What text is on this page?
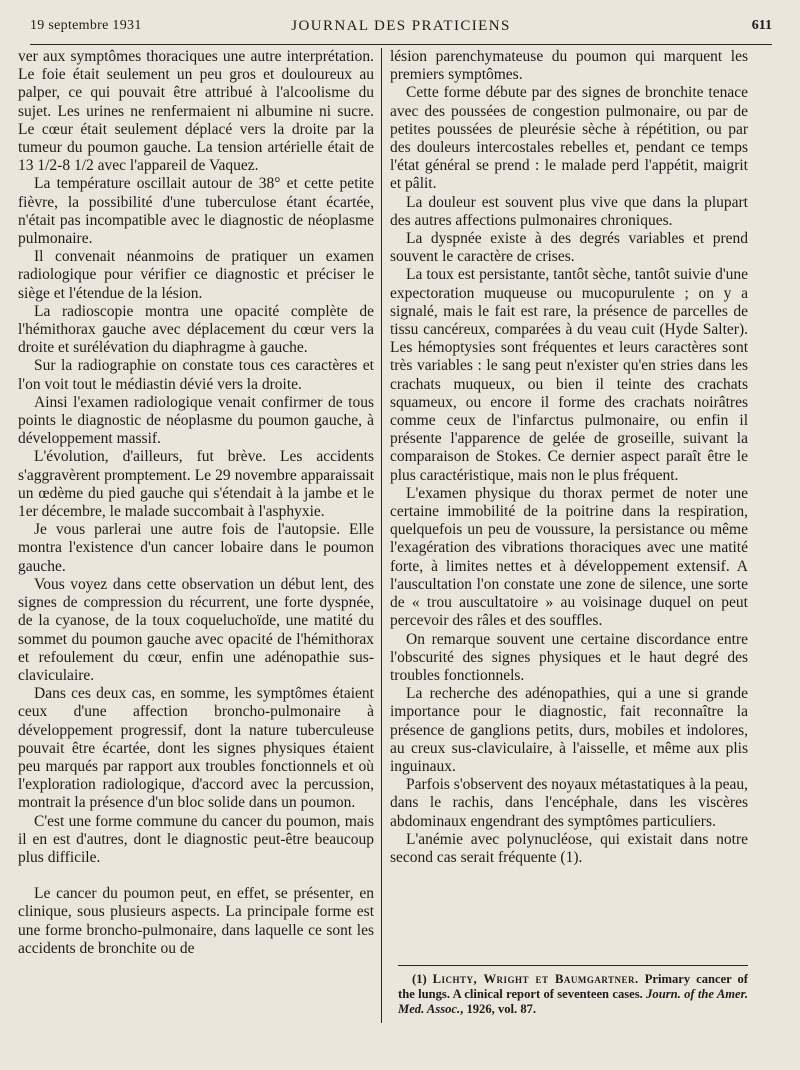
19 septembre 1931	JOURNAL DES PRATICIENS	611

ver aux symptômes thoraciques une autre interprétation. Le foie était seulement un peu gros et douloureux au palper, ce qui pouvait être attribué à l'alcoolisme du sujet. Les urines ne renfermaient ni albumine ni sucre. Le cœur était seulement déplacé vers la droite par la tumeur du poumon gauche. La tension artérielle était de 13 1/2-8 1/2 avec l'appareil de Vaquez.

La température oscillait autour de 38° et cette petite fièvre, la possibilité d'une tuberculose étant écartée, n'était pas incompatible avec le diagnostic de néoplasme pulmonaire.

Il convenait néanmoins de pratiquer un examen radiologique pour vérifier ce diagnostic et préciser le siège et l'étendue de la lésion.

La radioscopie montra une opacité complète de l'hémithorax gauche avec déplacement du cœur vers la droite et surélévation du diaphragme à gauche.

Sur la radiographie on constate tous ces caractères et l'on voit tout le médiastin dévié vers la droite.

Ainsi l'examen radiologique venait confirmer de tous points le diagnostic de néoplasme du poumon gauche, à développement massif.

L'évolution, d'ailleurs, fut brève. Les accidents s'aggravèrent promptement. Le 29 novembre apparaissait un œdème du pied gauche qui s'étendait à la jambe et le 1er décembre, le malade succombait à l'asphyxie.

Je vous parlerai une autre fois de l'autopsie. Elle montra l'existence d'un cancer lobaire dans le poumon gauche.

Vous voyez dans cette observation un début lent, des signes de compression du récurrent, une forte dyspnée, de la cyanose, de la toux coqueluchoïde, une matité du sommet du poumon gauche avec opacité de l'hémithorax et refoulement du cœur, enfin une adénopathie sus-claviculaire.

Dans ces deux cas, en somme, les symptômes étaient ceux d'une affection broncho-pulmonaire à développement progressif, dont la nature tuberculeuse pouvait être écartée, dont les signes physiques étaient peu marqués par rapport aux troubles fonctionnels et où l'exploration radiologique, d'accord avec la percussion, montrait la présence d'un bloc solide dans un poumon.

C'est une forme commune du cancer du poumon, mais il en est d'autres, dont le diagnostic peut-être beaucoup plus difficile.

Le cancer du poumon peut, en effet, se présenter, en clinique, sous plusieurs aspects. La principale forme est une forme broncho-pulmonaire, dans laquelle ce sont les accidents de bronchite ou de

lésion parenchymateuse du poumon qui marquent les premiers symptômes.

Cette forme débute par des signes de bronchite tenace avec des poussées de congestion pulmonaire, ou par de petites poussées de pleurésie sèche à répétition, ou par des douleurs intercostales rebelles et, pendant ce temps l'état général se prend : le malade perd l'appétit, maigrit et pâlit.

La douleur est souvent plus vive que dans la plupart des autres affections pulmonaires chroniques.

La dyspnée existe à des degrés variables et prend souvent le caractère de crises.

La toux est persistante, tantôt sèche, tantôt suivie d'une expectoration muqueuse ou mucopurulente ; on y a signalé, mais le fait est rare, la présence de parcelles de tissu cancéreux, comparées à du veau cuit (Hyde Salter). Les hémoptysies sont fréquentes et leurs caractères sont très variables : le sang peut n'exister qu'en stries dans les crachats muqueux, ou bien il teinte des crachats squameux, ou encore il forme des crachats noirâtres comme ceux de l'infarctus pulmonaire, ou enfin il présente l'apparence de gelée de groseille, suivant la comparaison de Stokes. Ce dernier aspect paraît être le plus caractéristique, mais non le plus fréquent.

L'examen physique du thorax permet de noter une certaine immobilité de la poitrine dans la respiration, quelquefois un peu de voussure, la persistance ou même l'exagération des vibrations thoraciques avec une matité forte, à limites nettes et à développement extensif. A l'auscultation l'on constate une zone de silence, une sorte de « trou auscultatoire » au voisinage duquel on peut percevoir des râles et des souffles.

On remarque souvent une certaine discordance entre l'obscurité des signes physiques et le haut degré des troubles fonctionnels.

La recherche des adénopathies, qui a une si grande importance pour le diagnostic, fait reconnaître la présence de ganglions petits, durs, mobiles et indolores, au creux sus-claviculaire, à l'aisselle, et même aux plis inguinaux.

Parfois s'observent des noyaux métastatiques à la peau, dans le rachis, dans l'encéphale, dans les viscères abdominaux engendrant des symptômes particuliers.

L'anémie avec polynucléose, qui existait dans notre second cas serait fréquente (1).

(1) Lichty, Wright et Baumgartner. Primary cancer of the lungs. A clinical report of seventeen cases. Journ. of the Amer. Med. Assoc., 1926, vol. 87.
